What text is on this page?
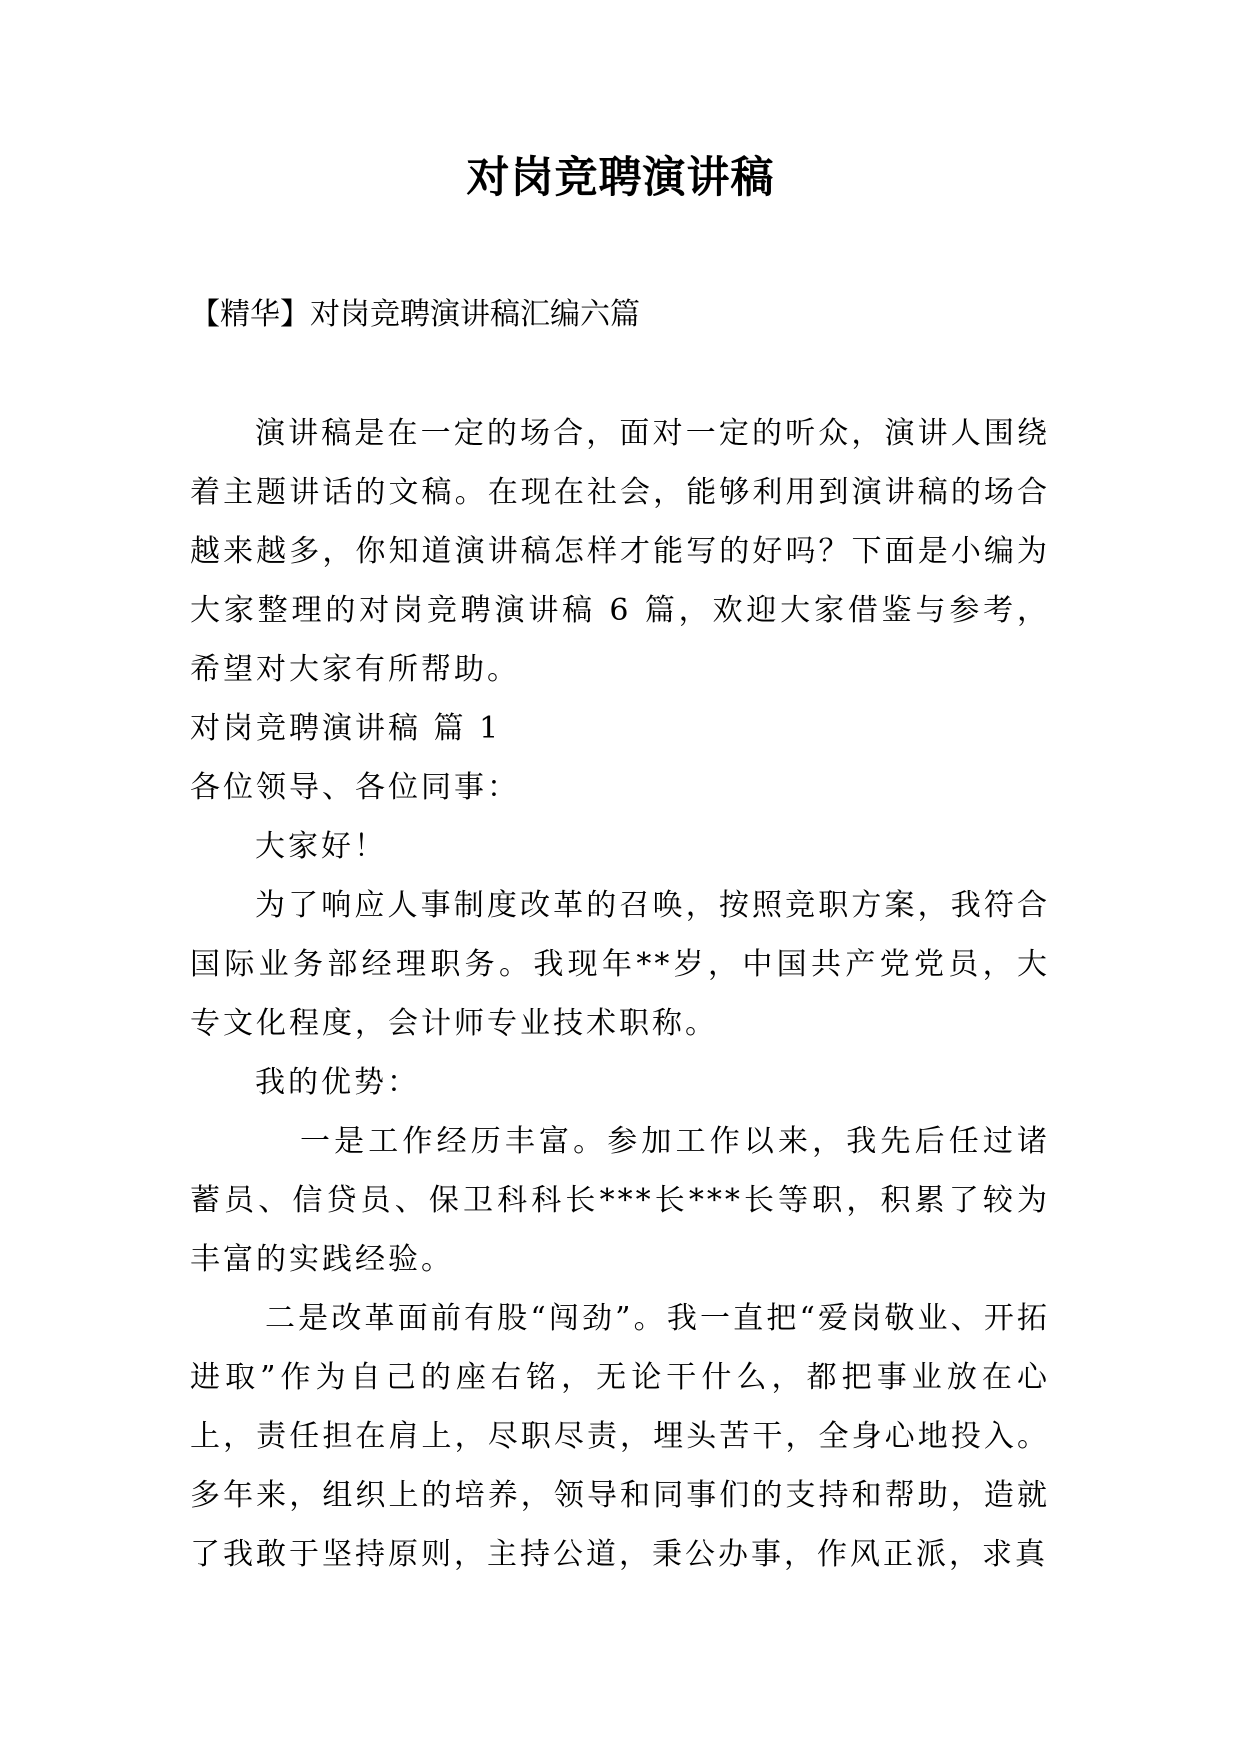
对岗竞聘演讲稿
【精华】对岗竞聘演讲稿汇编六篇

演讲稿是在一定的场合，面对一定的听众，演讲人围绕着主题讲话的文稿。在现在社会，能够利用到演讲稿的场合越来越多，你知道演讲稿怎样才能写的好吗？下面是小编为大家整理的对岗竞聘演讲稿 6 篇，欢迎大家借鉴与参考，希望对大家有所帮助。

对岗竞聘演讲稿 篇 1

各位领导、各位同事：

大家好！

为了响应人事制度改革的召唤，按照竞职方案，我符合国际业务部经理职务。我现年**岁，中国共产党党员，大专文化程度，会计师专业技术职称。

我的优势：

一是工作经历丰富。参加工作以来，我先后任过诸蓄员、信贷员、保卫科科长***长***长等职，积累了较为丰富的实践经验。

二是改革面前有股“闯劲”。我一直把“爱岗敬业、开拓进取”作为自己的座右铭，无论干什么，都把事业放在心上，责任担在肩上，尽职尽责，埋头苦干，全身心地投入。多年来，组织上的培养，领导和同事们的支持和帮助，造就了我敢于坚持原则，主持公道，秉公办事，作风正派，求真
